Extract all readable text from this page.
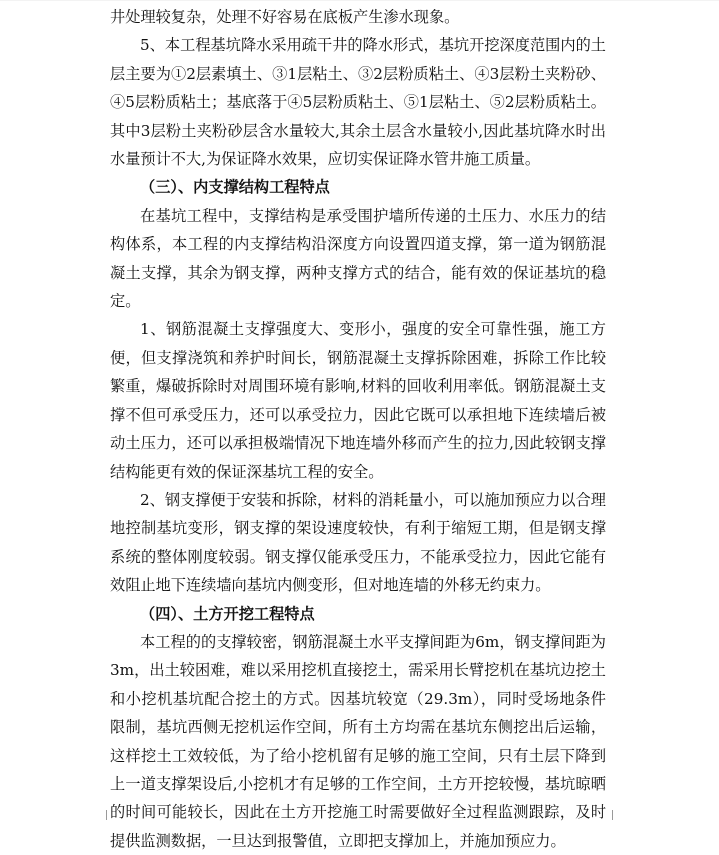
井处理较复杂，处理不好容易在底板产生渗水现象。

5、本工程基坑降水采用疏干井的降水形式，基坑开挖深度范围内的土层主要为①2层素填土、③1层粘土、③2层粉质粘土、④3层粉土夹粉砂、④5层粉质粘土；基底落于④5层粉质粘土、⑤1层粘土、⑤2层粉质粘土。其中3层粉土夹粉砂层含水量较大,其余土层含水量较小,因此基坑降水时出水量预计不大,为保证降水效果，应切实保证降水管井施工质量。

（三）、内支撑结构工程特点

在基坑工程中，支撑结构是承受围护墙所传递的土压力、水压力的结构体系，本工程的内支撑结构沿深度方向设置四道支撑，第一道为钢筋混凝土支撑，其余为钢支撑，两种支撑方式的结合，能有效的保证基坑的稳定。

1、钢筋混凝土支撑强度大、变形小，强度的安全可靠性强，施工方便，但支撑浇筑和养护时间长，钢筋混凝土支撑拆除困难，拆除工作比较繁重，爆破拆除时对周围环境有影响,材料的回收利用率低。钢筋混凝土支撑不但可承受压力，还可以承受拉力，因此它既可以承担地下连续墙后被动土压力，还可以承担极端情况下地连墙外移而产生的拉力,因此较钢支撑结构能更有效的保证深基坑工程的安全。

2、钢支撑便于安装和拆除，材料的消耗量小，可以施加预应力以合理地控制基坑变形，钢支撑的架设速度较快，有利于缩短工期，但是钢支撑系统的整体刚度较弱。钢支撑仅能承受压力，不能承受拉力，因此它能有效阻止地下连续墙向基坑内侧变形，但对地连墙的外移无约束力。

（四）、土方开挖工程特点

本工程的的支撑较密，钢筋混凝土水平支撑间距为6m，钢支撑间距为3m，出土较困难，难以采用挖机直接挖土，需采用长臂挖机在基坑边挖土和小挖机基坑配合挖土的方式。因基坑较宽（29.3m），同时受场地条件限制，基坑西侧无挖机运作空间，所有土方均需在基坑东侧挖出后运输，这样挖土工效较低，为了给小挖机留有足够的施工空间，只有土层下降到上一道支撑架设后,小挖机才有足够的工作空间，土方开挖较慢，基坑晾晒的时间可能较长，因此在土方开挖施工时需要做好全过程监测跟踪，及时提供监测数据，一旦达到报警值，立即把支撑加上，并施加预应力。
